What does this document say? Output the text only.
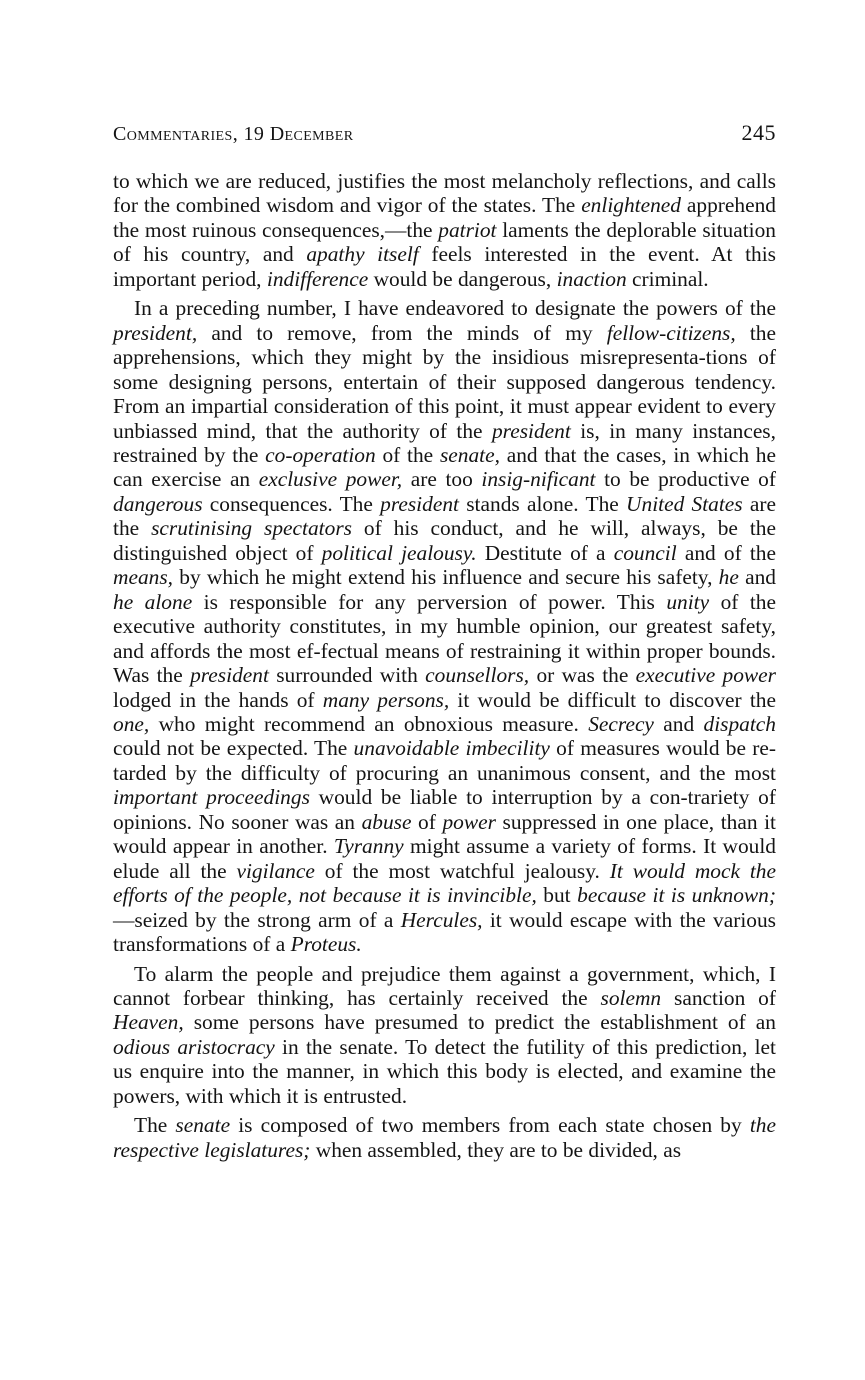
Commentaries, 19 December	245

to which we are reduced, justifies the most melancholy reflections, and calls for the combined wisdom and vigor of the states. The enlightened apprehend the most ruinous consequences,—the patriot laments the deplorable situation of his country, and apathy itself feels interested in the event. At this important period, indifference would be dangerous, inaction criminal.

In a preceding number, I have endeavored to designate the powers of the president, and to remove, from the minds of my fellow-citizens, the apprehensions, which they might by the insidious misrepresenta-tions of some designing persons, entertain of their supposed dangerous tendency. From an impartial consideration of this point, it must appear evident to every unbiassed mind, that the authority of the president is, in many instances, restrained by the co-operation of the senate, and that the cases, in which he can exercise an exclusive power, are too insig-nificant to be productive of dangerous consequences. The president stands alone. The United States are the scrutinising spectators of his conduct, and he will, always, be the distinguished object of political jealousy. Destitute of a council and of the means, by which he might extend his influence and secure his safety, he and he alone is responsible for any perversion of power. This unity of the executive authority constitutes, in my humble opinion, our greatest safety, and affords the most ef-fectual means of restraining it within proper bounds. Was the president surrounded with counsellors, or was the executive power lodged in the hands of many persons, it would be difficult to discover the one, who might recommend an obnoxious measure. Secrecy and dispatch could not be expected. The unavoidable imbecility of measures would be re-tarded by the difficulty of procuring an unanimous consent, and the most important proceedings would be liable to interruption by a con-trariety of opinions. No sooner was an abuse of power suppressed in one place, than it would appear in another. Tyranny might assume a variety of forms. It would elude all the vigilance of the most watchful jealousy. It would mock the efforts of the people, not because it is invincible, but because it is unknown;—seized by the strong arm of a Hercules, it would escape with the various transformations of a Proteus.

To alarm the people and prejudice them against a government, which, I cannot forbear thinking, has certainly received the solemn sanction of Heaven, some persons have presumed to predict the establishment of an odious aristocracy in the senate. To detect the futility of this prediction, let us enquire into the manner, in which this body is elected, and examine the powers, with which it is entrusted.

The senate is composed of two members from each state chosen by the respective legislatures; when assembled, they are to be divided, as
